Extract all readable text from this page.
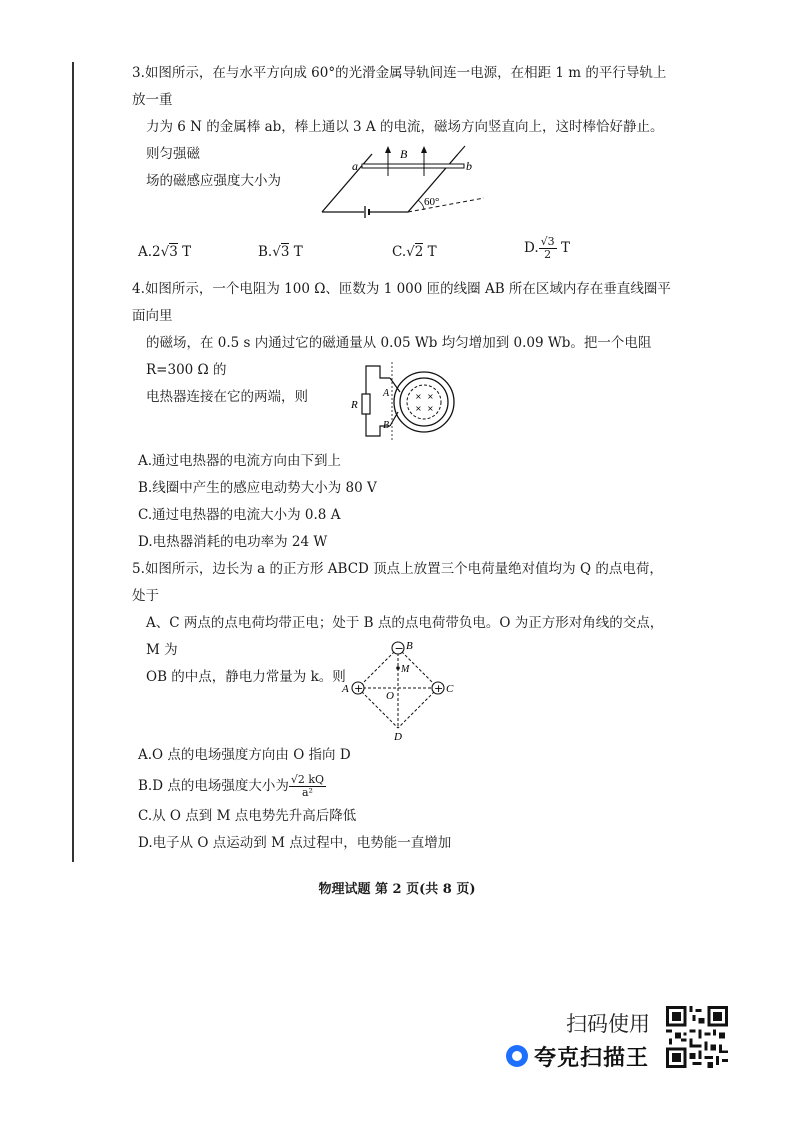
3.如图所示，在与水平方向成 60°的光滑金属导轨间连一电源，在相距 1 m 的平行导轨上放一重

力为 6 N 的金属棒 ab，棒上通以 3 A 的电流，磁场方向竖直向上，这时棒恰好静止。则匀强磁

场的磁感应强度大小为

a	b
B
60°
A.2√3 T	B.√3 T	C.√2 T	D. $\frac{√3}{2}$ T

4.如图所示，一个电阻为 100 Ω、匝数为 1 000 匝的线圈 AB 所在区域内存在垂直线圈平面向里

的磁场，在 0.5 s 内通过它的磁通量从 0.05 Wb 均匀增加到 0.09 Wb。把一个电阻 R=300 Ω 的

电热器连接在它的两端，则	R
A
B
× ×
× ×

A.通过电热器的电流方向由下到上

B.线圈中产生的感应电动势大小为 80 V

C.通过电热器的电流大小为 0.8 A

D.电热器消耗的电功率为 24 W

5.如图所示，边长为 a 的正方形 ABCD 顶点上放置三个电荷量绝对值均为 Q 的点电荷，处于

A、C 两点的点电荷均带正电；处于 B 点的点电荷带负电。O 为正方形对角线的交点，M 为

OB 的中点，静电力常量为 k。则

−
+	+
B
A	C
D
O
M

A.O 点的电场强度方向由 O 指向 D

B.D 点的电场强度大小为 $\frac{√2 kQ}{\text{a²}}$

C.从 O 点到 M 点电势先升高后降低

D.电子从 O 点运动到 M 点过程中，电势能一直增加

物理试题 第 2 页(共 8 页)
扫码使用
夸克扫描王
